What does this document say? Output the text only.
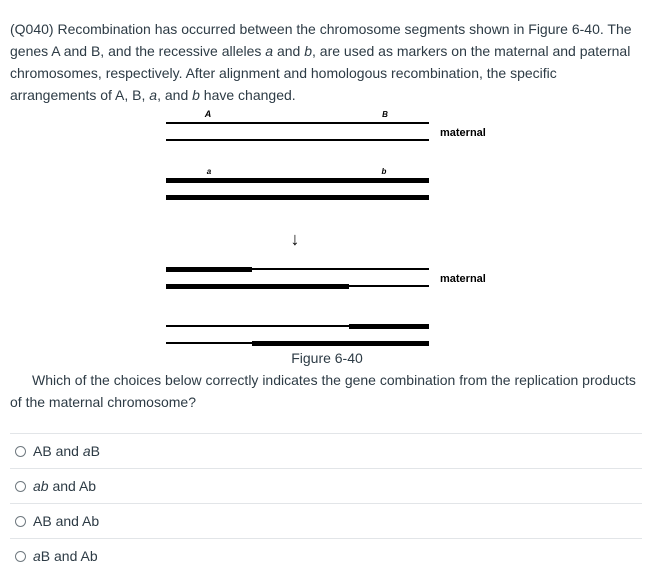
(Q040) Recombination has occurred between the chromosome segments shown in Figure 6-40. The genes A and B, and the recessive alleles a and b, are used as markers on the maternal and paternal chromosomes, respectively. After alignment and homologous recombination, the specific arrangements of A, B, a, and b have changed.

A	B
maternal
a	b
↓
maternal
Figure 6-40

Which of the choices below correctly indicates the gene combination from the replication products of the maternal chromosome?

AB and aB
ab and Ab
AB and Ab
aB and Ab
